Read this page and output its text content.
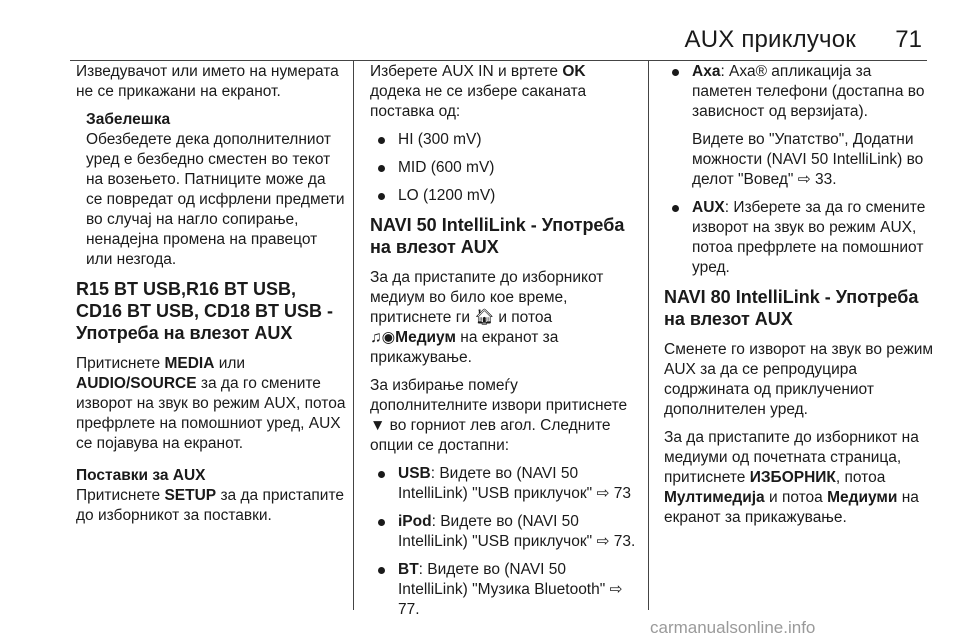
AUX приклучок 71

Изведувачот или името на нумерата не се прикажани на екранот.

Забелешка
Обезбедете дека дополнителниот уред е безбедно сместен во текот на возењето. Патниците може да се повредат од исфрлени предмети во случај на нагло сопирање, ненадејна промена на правецот или незгода.
R15 BT USB,R16 BT USB, CD16 BT USB, CD18 BT USB - Употреба на влезот AUX

Притиснете MEDIA или AUDIO/SOURCE за да го смените изворот на звук во режим AUX, потоа префрлете на помошниот уред, AUX се појавува на екранот.

Поставки за AUX

Притиснете SETUP за да пристапите до изборникот за поставки.

Изберете AUX IN и вртете OK додека не се избере саканата поставка од:

HI (300 mV)
MID (600 mV)
LO (1200 mV)
NAVI 50 IntelliLink - Употреба на влезот AUX

За да пристапите до изборникот медиум во било кое време, притиснете ги 🏠︎ и потоа ♫◉Медиум на екранот за прикажување.

За избирање помеѓу дополнителните извори притиснете ▼ во горниот лев агол. Следните опции се достапни:

USB: Видете во (NAVI 50 IntelliLink) "USB приклучок" ⇨ 73
iPod: Видете во (NAVI 50 IntelliLink) "USB приклучок" ⇨ 73.
BT: Видете во (NAVI 50 IntelliLink) "Музика Bluetooth" ⇨ 77.
Аха: Аха® апликација за паметен телефони (достапна во зависност од верзијата).

Видете во "Упатство", Додатни можности (NAVI 50 IntelliLink) во делот "Вовед" ⇨ 33.

AUX: Изберете за да го смените изворот на звук во режим AUX, потоа префрлете на помошниот уред.
NAVI 80 IntelliLink - Употреба на влезот AUX

Сменете го изворот на звук во режим AUX за да се репродуцира содржината од приклучениот дополнителен уред.

За да пристапите до изборникот на медиуми од почетната страница, притиснете ИЗБОРНИК, потоа Мултимедија и потоа Медиуми на екранот за прикажување.

carmanualsonline.info
